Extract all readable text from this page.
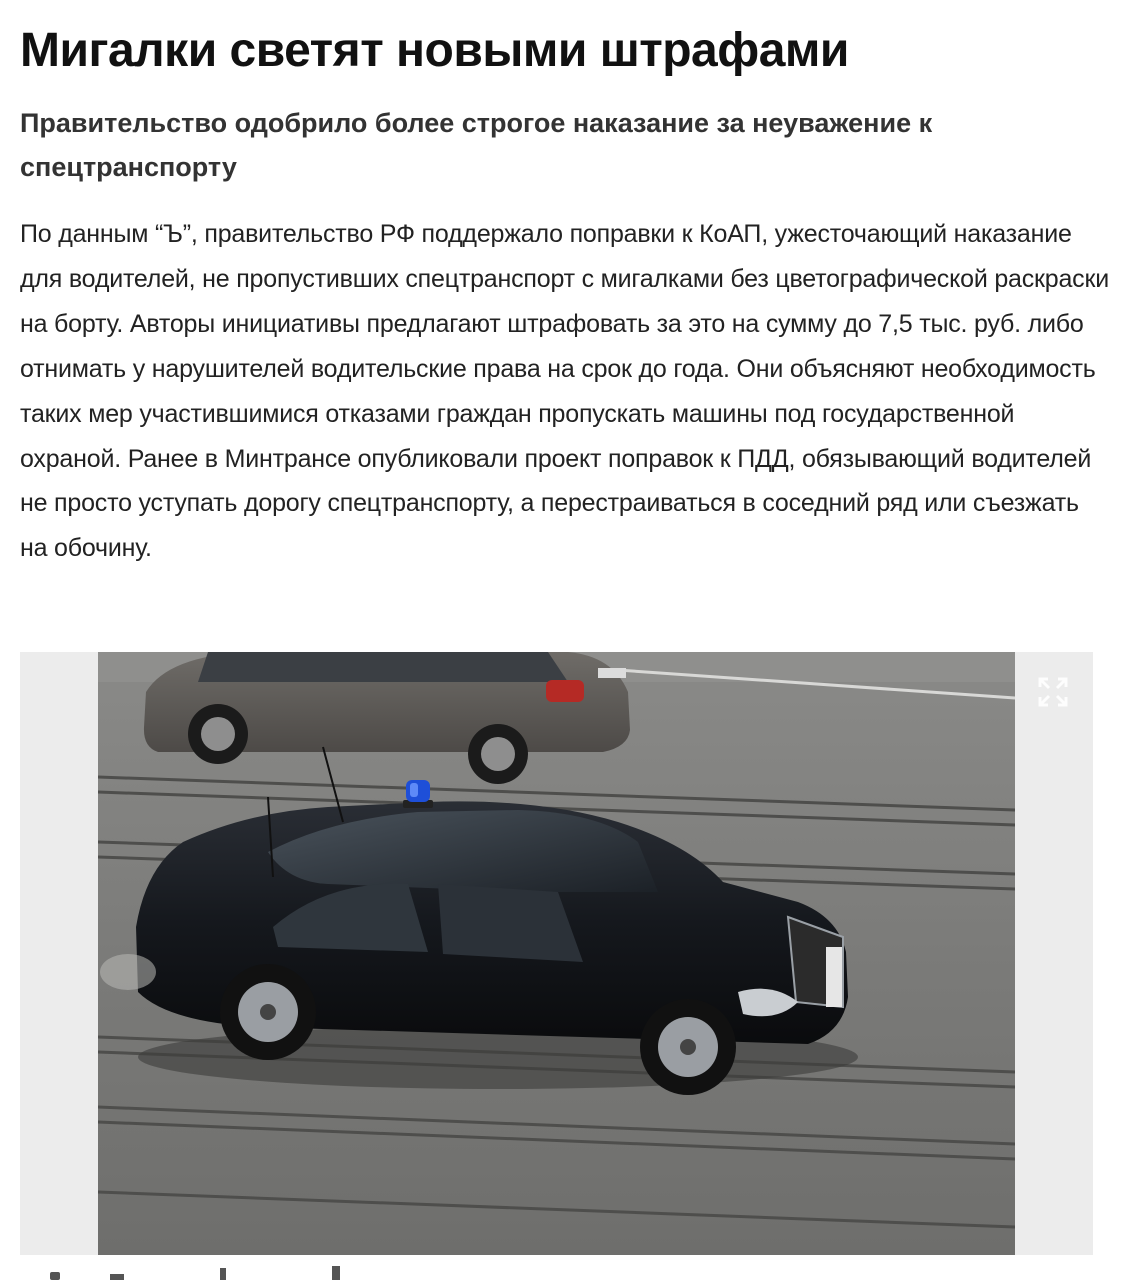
Мигалки светят новыми штрафами
Правительство одобрило более строгое наказание за неуважение к спецтранспорту

По данным “Ъ”, правительство РФ поддержало поправки к КоАП, ужесточающий наказание для водителей, не пропустивших спецтранспорт с мигалками без цветографической раскраски на борту. Авторы инициативы предлагают штрафовать за это на сумму до 7,5 тыс. руб. либо отнимать у нарушителей водительские права на срок до года. Они объясняют необходимость таких мер участившимися отказами граждан пропускать машины под государственной охраной. Ранее в Минтрансе опубликовали проект поправок к ПДД, обязывающий водителей не просто уступать дорогу спецтранспорту, а перестраиваться в соседний ряд или съезжать на обочину.
